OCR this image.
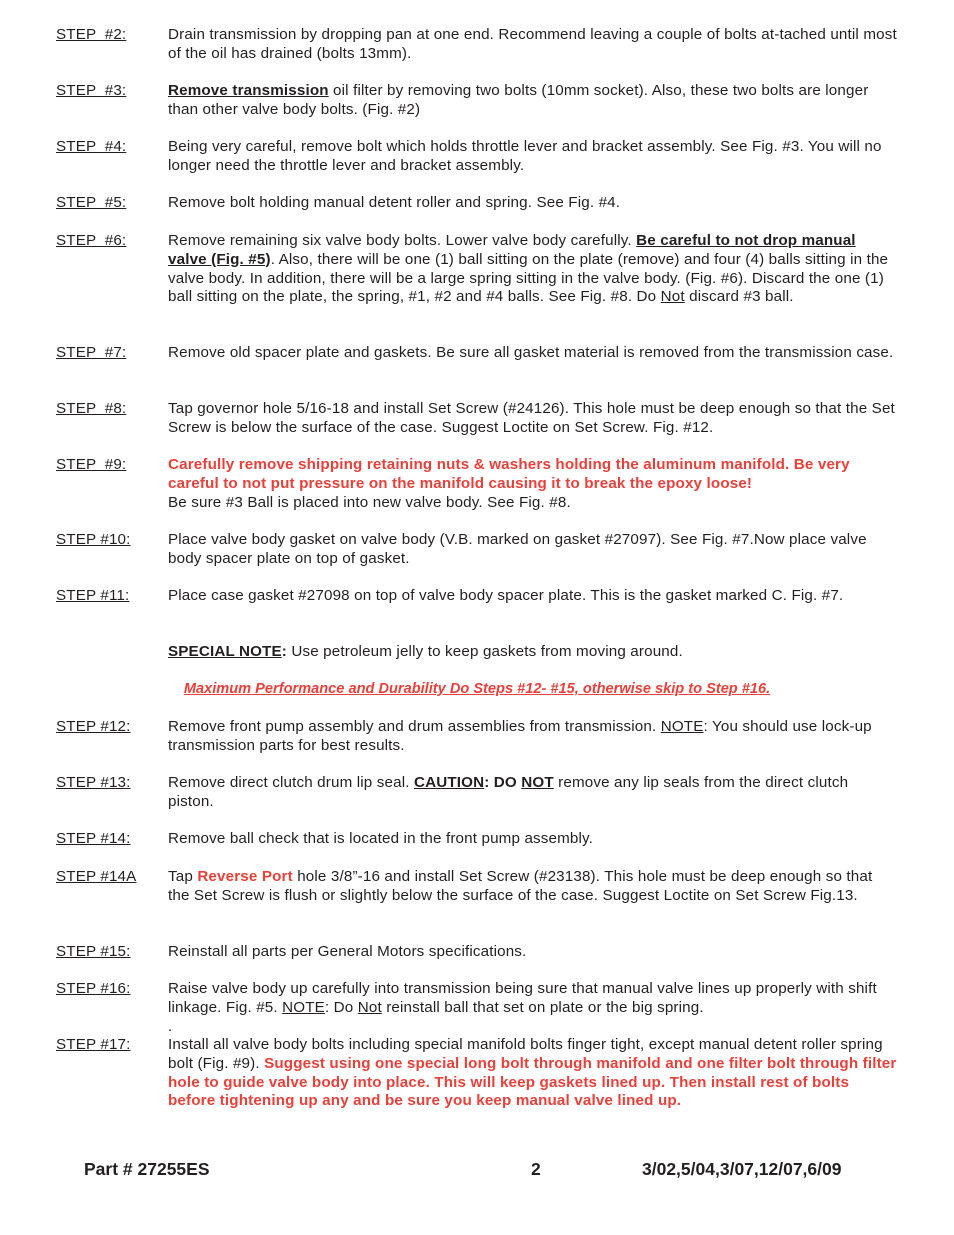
STEP  #2:	Drain transmission by dropping pan at one end. Recommend leaving a couple of bolts at-tached until most of the oil has drained (bolts 13mm).
STEP  #3:	Remove transmission oil filter by removing two bolts (10mm socket). Also, these two bolts are longer than other valve body bolts. (Fig. #2)
STEP  #4:	Being very careful, remove bolt which holds throttle lever and bracket assembly. See Fig. #3. You will no longer need the throttle lever and bracket assembly.
STEP  #5:	Remove bolt holding manual detent roller and spring. See Fig. #4.
STEP  #6:	Remove remaining six valve body bolts. Lower valve body carefully. Be careful to not drop manual valve (Fig. #5). Also, there will be one (1) ball sitting on the plate (remove) and four (4) balls sitting in the valve body. In addition, there will be a large spring sitting in the valve body. (Fig. #6). Discard the one (1) ball sitting on the plate, the spring, #1, #2 and #4 balls. See Fig. #8. Do Not discard #3 ball.
STEP  #7:	Remove old spacer plate and gaskets. Be sure all gasket material is removed from the transmission case.
STEP  #8:	Tap governor hole 5/16-18 and install Set Screw (#24126). This hole must be deep enough so that the Set Screw is below the surface of the case. Suggest Loctite on Set Screw. Fig. #12.
STEP  #9:	Carefully remove shipping retaining nuts & washers holding the aluminum manifold. Be very careful to not put pressure on the manifold causing it to break the epoxy loose!
Be sure #3 Ball is placed into new valve body. See Fig. #8.
STEP #10: Place valve body gasket on valve body (V.B. marked on gasket #27097). See Fig. #7.Now place valve body spacer plate on top of gasket.
STEP #11:	Place case gasket #27098 on top of valve body spacer plate. This is the gasket marked C. Fig. #7.
SPECIAL NOTE: Use petroleum jelly to keep gaskets from moving around.
Maximum Performance and Durability Do Steps #12- #15, otherwise skip to Step #16.
STEP #12: Remove front pump assembly and drum assemblies from transmission. NOTE: You should use lock-up transmission parts for best results.
STEP #13: Remove direct clutch drum lip seal. CAUTION: DO NOT remove any lip seals from the direct clutch piston.
STEP #14: Remove ball check that is located in the front pump assembly.
STEP #14A Tap Reverse Port hole 3/8”-16 and install Set Screw (#23138). This hole must be deep enough so that the Set Screw is flush or slightly below the surface of the case. Suggest Loctite on Set Screw Fig.13.
STEP #15: Reinstall all parts per General Motors specifications.
STEP #16: Raise valve body up carefully into transmission being sure that manual valve lines up properly with shift linkage. Fig. #5. NOTE: Do Not reinstall ball that set on plate or the big spring.
.
STEP #17: Install all valve body bolts including special manifold bolts finger tight, except manual detent roller spring bolt (Fig. #9). Suggest using one special long bolt through manifold and one filter bolt through filter hole to guide valve body into place. This will keep gaskets lined up. Then install rest of bolts before tightening up any and be sure you keep manual valve lined up.
Part # 27255ES	2	3/02,5/04,3/07,12/07,6/09
